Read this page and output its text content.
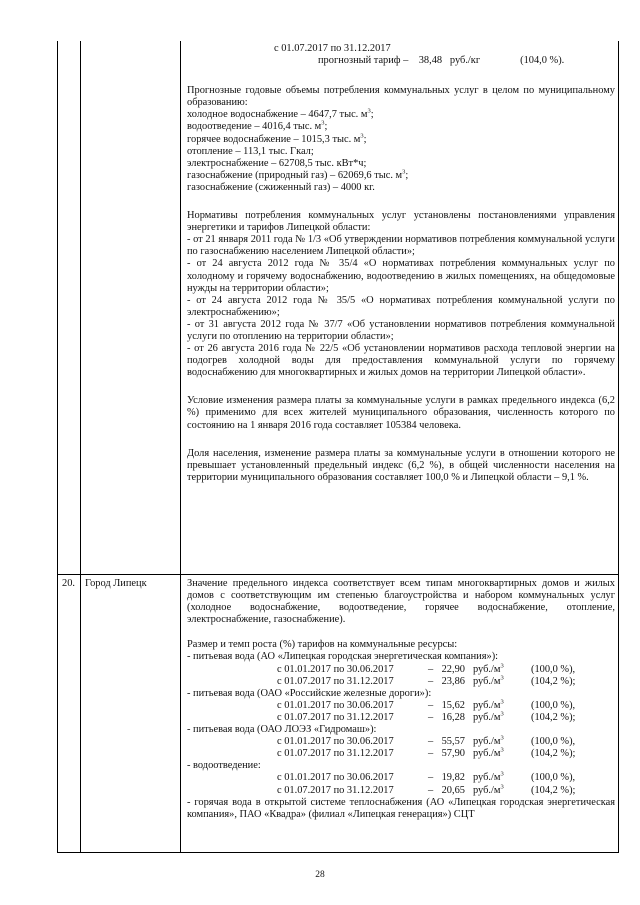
с 01.07.2017 по 31.12.2017

прогнозный тариф – 38,48 руб./кг	(104,0 %).

Прогнозные годовые объемы потребления коммунальных услуг в целом по муниципальному образованию:

холодное водоснабжение – 4647,7 тыс. $м^3$;

водоотведение – 4016,4 тыс. $м^3$;

горячее водоснабжение – 1015,3 тыс. $м^3$;

отопление – 113,1 тыс. Гкал;

электроснабжение – 62708,5 тыс. кВт*ч;

газоснабжение (природный газ) – 62069,6 тыс. $м^3$;

газоснабжение (сжиженный газ) – 4000 кг.

Нормативы потребления коммунальных услуг установлены постановлениями управления энергетики и тарифов Липецкой области:

- от 21 января 2011 года № 1/3 «Об утверждении нормативов потребления коммунальной услуги по газоснабжению населением Липецкой области»;

- от 24 августа 2012 года № 35/4 «О нормативах потребления коммунальных услуг по холодному и горячему водоснабжению, водоотведению в жилых помещениях, на общедомовые нужды на территории области»;

- от 24 августа 2012 года № 35/5 «О нормативах потребления коммунальной услуги по электроснабжению»;

- от 31 августа 2012 года № 37/7 «Об установлении нормативов потребления коммунальной услуги по отоплению на территории области»;

- от 26 августа 2016 года № 22/5 «Об установлении нормативов расхода тепловой энергии на подогрев холодной воды для предоставления коммунальной услуги по горячему водоснабжению для многоквартирных и жилых домов на территории Липецкой области».

Условие изменения размера платы за коммунальные услуги в рамках предельного индекса (6,2 %) применимо для всех жителей муниципального образования, численность которого по состоянию на 1 января 2016 года составляет 105384 человека.

Доля населения, изменение размера платы за коммунальные услуги в отношении которого не превышает установленный предельный индекс (6,2 %), в общей численности населения на территории муниципального образования составляет 100,0 % и Липецкой области – 9,1 %.

20. Город Липецк	Значение предельного индекса соответствует всем типам многоквартирных домов и жилых домов с соответствующим им степенью благоустройства и набором коммунальных услуг (холодное водоснабжение, водоотведение, горячее водоснабжение, отопление, электроснабжение, газоснабжение).

Размер и темп роста (%) тарифов на коммунальные ресурсы:

- питьевая вода (АО «Липецкая городская энергетическая компания»):

с 01.01.2017 по 30.06.2017	– 22,90 $руб./м^3$	(100,0 %),
с 01.07.2017 по 31.12.2017	– 23,86 $руб./м^3$	(104,2 %);

- питьевая вода (ОАО «Российские железные дороги»):

с 01.01.2017 по 30.06.2017	– 15,62 $руб./м^3$	(100,0 %),
с 01.07.2017 по 31.12.2017	– 16,28 $руб./м^3$	(104,2 %);

- питьевая вода (ОАО ЛОЭЗ «Гидромаш»):

с 01.01.2017 по 30.06.2017	– 55,57 $руб./м^3$	(100,0 %),
с 01.07.2017 по 31.12.2017	– 57,90 $руб./м^3$	(104,2 %);

- водоотведение:

с 01.01.2017 по 30.06.2017	– 19,82 $руб./м^3$	(100,0 %),
с 01.07.2017 по 31.12.2017	– 20,65 $руб./м^3$	(104,2 %);

- горячая вода в открытой системе теплоснабжения (АО «Липецкая городская энергетическая компания», ПАО «Квадра» (филиал «Липецкая генерация») СЦТ

28
